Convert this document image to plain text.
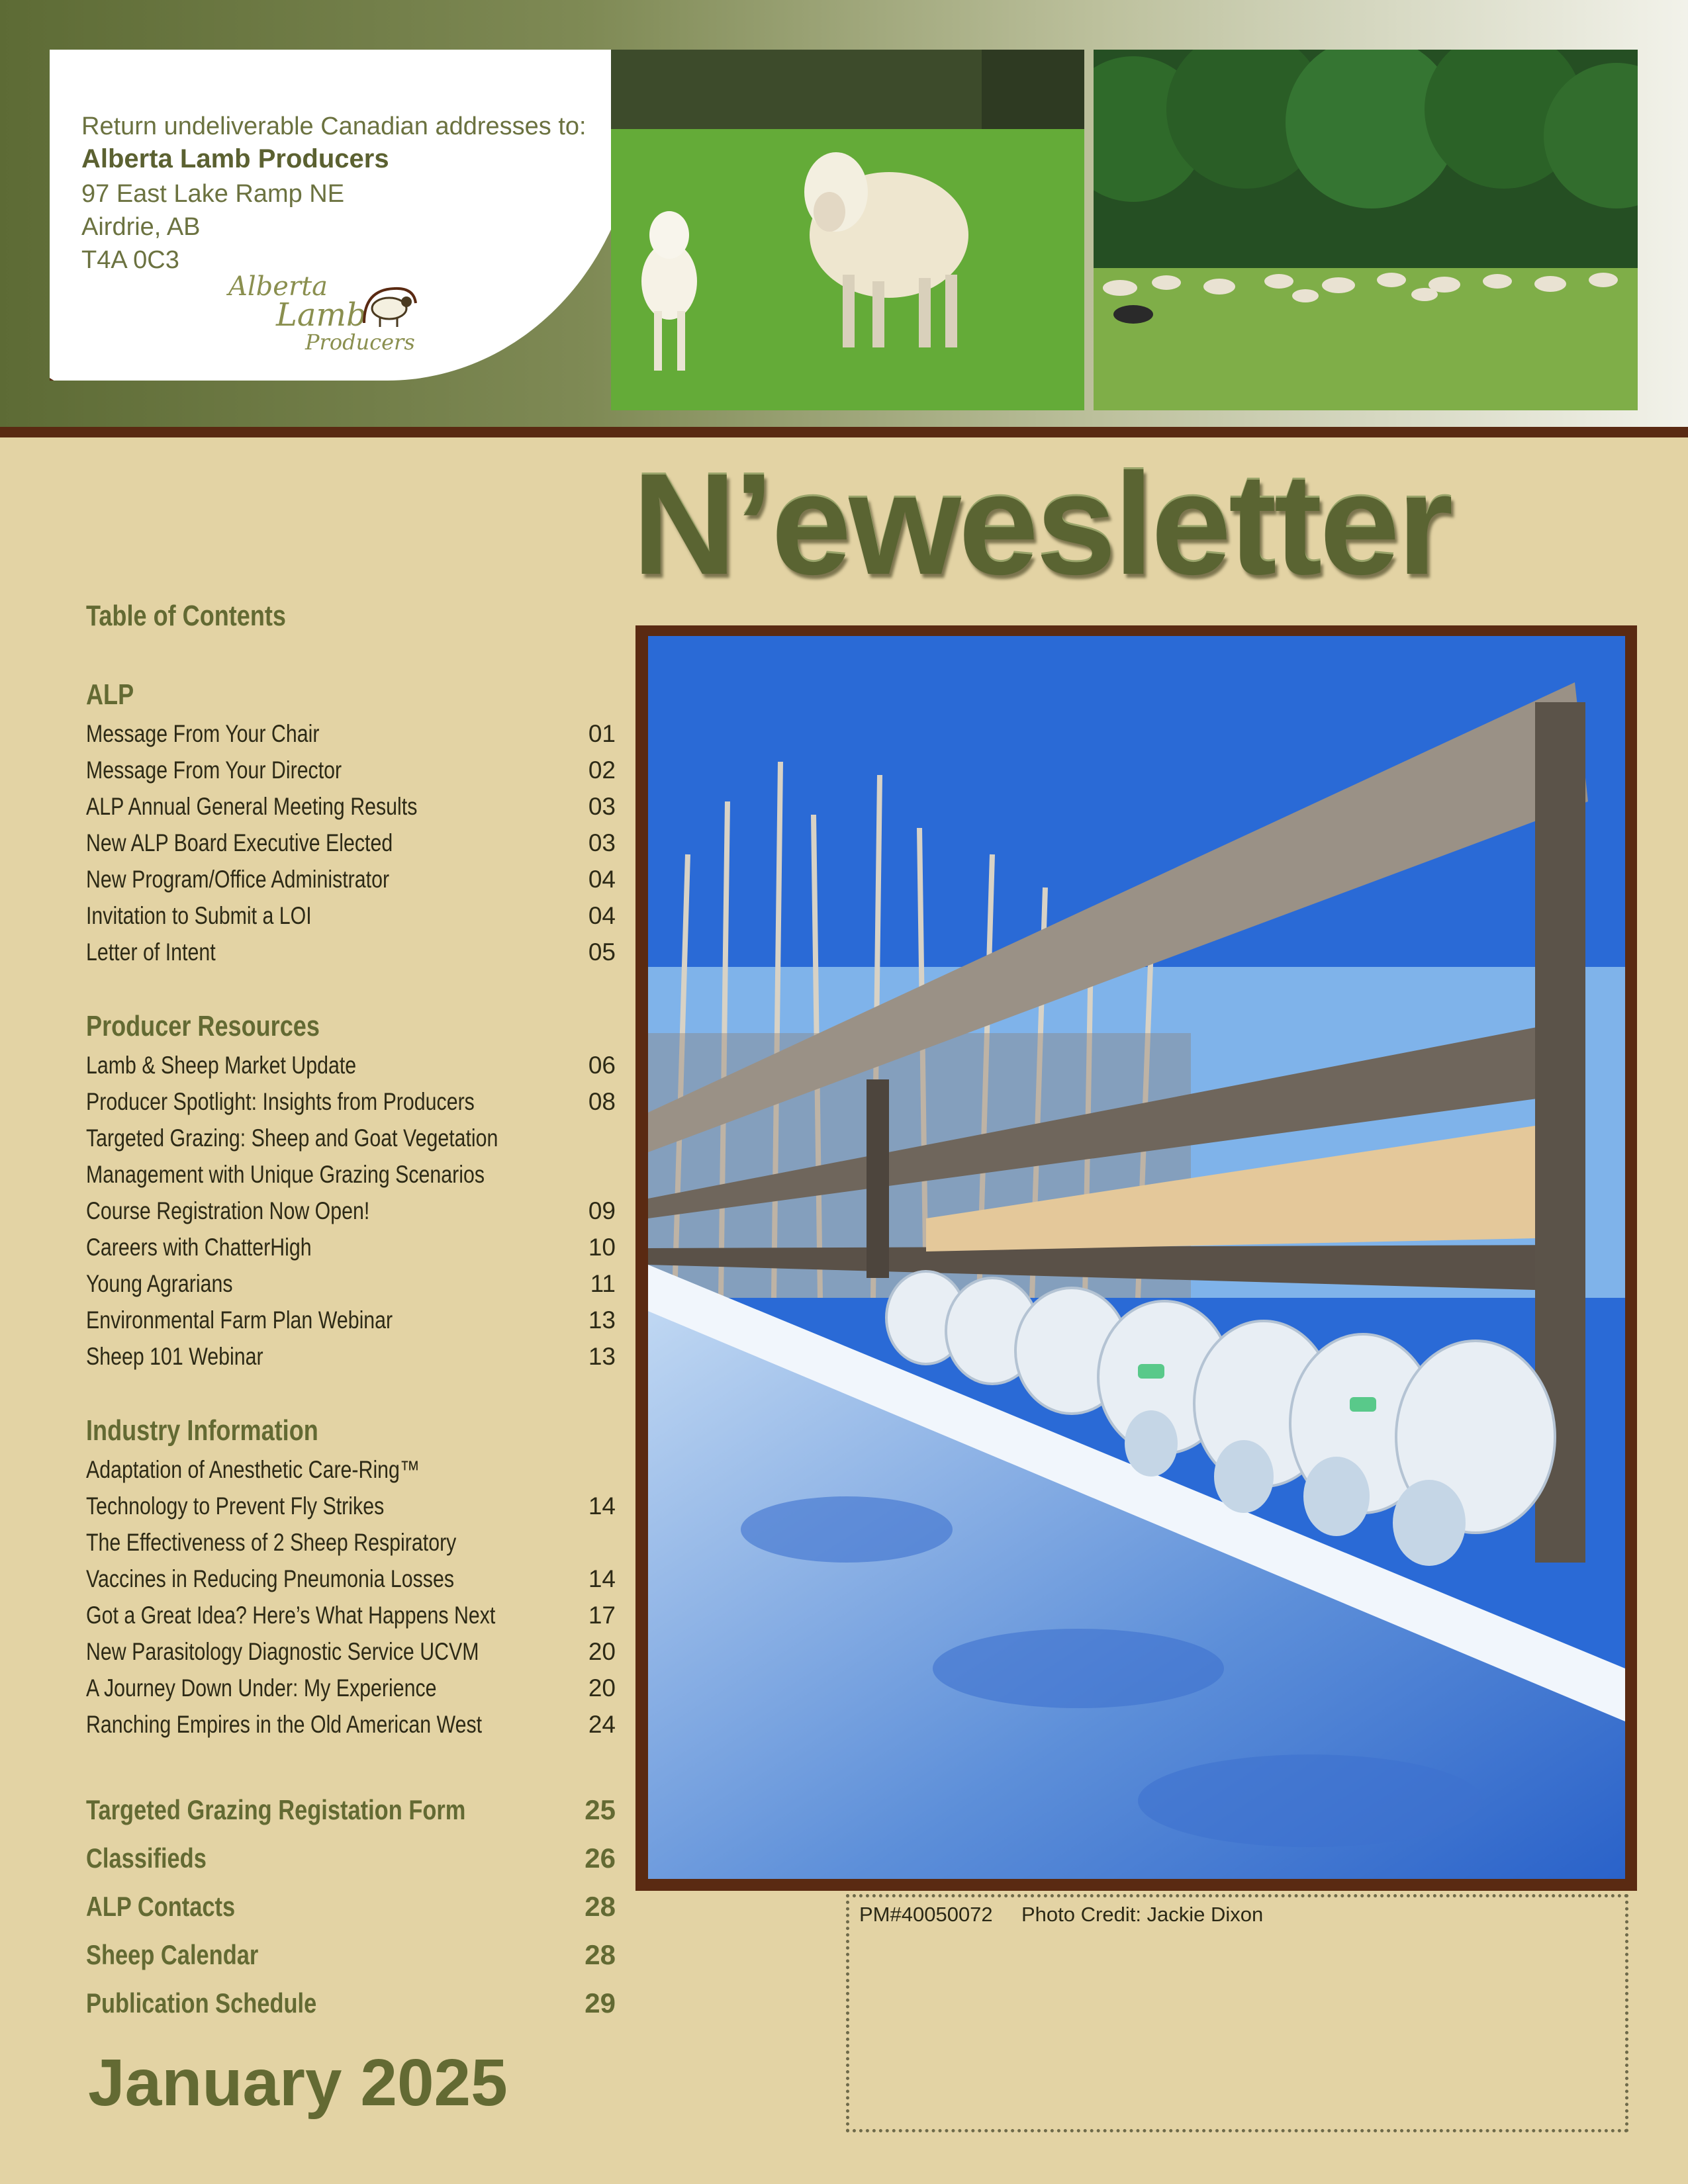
Return undeliverable Canadian addresses to:
Alberta Lamb Producers
97 East Lake Ramp NE
Airdrie, AB
T4A 0C3
Alberta
Lamb
Producers
N’ewesletter
Table of Contents
ALP
Message From Your Chair	01
Message From Your Director	02
ALP Annual General Meeting Results	03
New ALP Board Executive Elected	03
New Program/Office Administrator	04
Invitation to Submit a LOI	04
Letter of Intent	05
Producer Resources
Lamb & Sheep Market Update	06
Producer Spotlight: Insights from Producers	08
Targeted Grazing: Sheep and Goat Vegetation
Management with Unique Grazing Scenarios
Course Registration Now Open!	09
Careers with ChatterHigh	10
Young Agrarians	11
Environmental Farm Plan Webinar	13
Sheep 101 Webinar	13
Industry Information
Adaptation of Anesthetic Care-Ring™
Technology to Prevent Fly Strikes	14
The Effectiveness of 2 Sheep Respiratory
Vaccines in Reducing Pneumonia Losses	14
Got a Great Idea? Here’s What Happens Next	17
New Parasitology Diagnostic Service UCVM	20
A Journey Down Under: My Experience	20
Ranching Empires in the Old American West	24
Targeted Grazing Registation Form	25
Classifieds	26
ALP Contacts	28
Sheep Calendar	28
Publication Schedule	29
January 2025
PM#40050072 Photo Credit: Jackie Dixon
